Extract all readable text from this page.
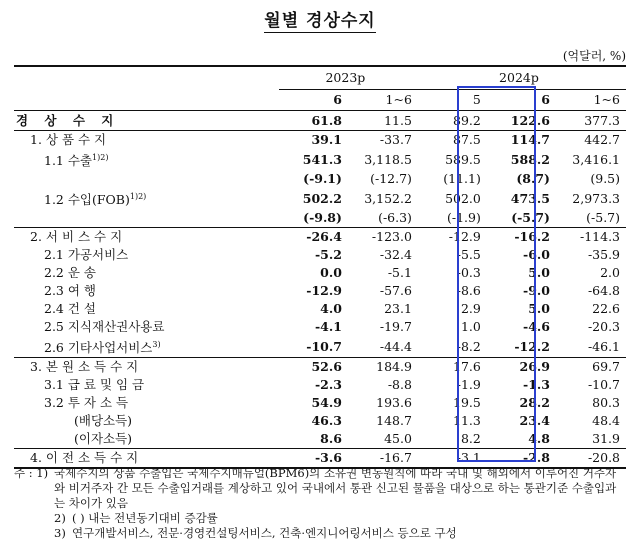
월별 경상수지
(억달러, %)
	2023p		2024p		
	6	1~6	5	6	1~6
경 상 수 지	61.8	11.5	89.2	122.6	377.3
1. 상 품 수 지	39.1	-33.7	87.5	114.7	442.7
1.1 수출$^{1)2)}$	541.3	3,118.5	589.5	588.2	3,416.1
	(-9.1)	(-12.7)	(11.1)	(8.7)	(9.5)
1.2 수입(FOB)$^{1)2)}$	502.2	3,152.2	502.0	473.5	2,973.3
	(-9.8)	(-6.3)	(-1.9)	(-5.7)	(-5.7)
2. 서 비 스 수 지	-26.4	-123.0	-12.9	-16.2	-114.3
2.1 가공서비스	-5.2	-32.4	-5.5	-6.0	-35.9
2.2 운 송	0.0	-5.1	-0.3	5.0	2.0
2.3 여 행	-12.9	-57.6	-8.6	-9.0	-64.8
2.4 건 설	4.0	23.1	2.9	5.0	22.6
2.5 지식재산권사용료	-4.1	-19.7	1.0	-4.6	-20.3
2.6 기타사업서비스$^{3)}$	-10.7	-44.4	-8.2	-12.2	-46.1
3. 본 원 소 득 수 지	52.6	184.9	17.6	26.9	69.7
3.1 급 료 및 임 금	-2.3	-8.8	-1.9	-1.3	-10.7
3.2 투 자 소 득	54.9	193.6	19.5	28.2	80.3
(배당소득)	46.3	148.7	11.3	23.4	48.4
(이자소득)	8.6	45.0	8.2	4.8	31.9
4. 이 전 소 득 수 지	-3.6	-16.7	-3.1	-2.8	-20.8
주 : 1) 국제수지의 상품 수출입은 국제수지매뉴얼(BPM6)의 소유권 변동원칙에 따라 국내 및 해외에서 이루어진 거주자와 비거주자 간 모든 수출입거래를 계상하고 있어 국내에서 통관 신고된 물품을 대상으로 하는 통관기준 수출입과는 차이가 있음
2) ( ) 내는 전년동기대비 증감률
3) 연구개발서비스, 전문·경영컨설팅서비스, 건축·엔지니어링서비스 등으로 구성
